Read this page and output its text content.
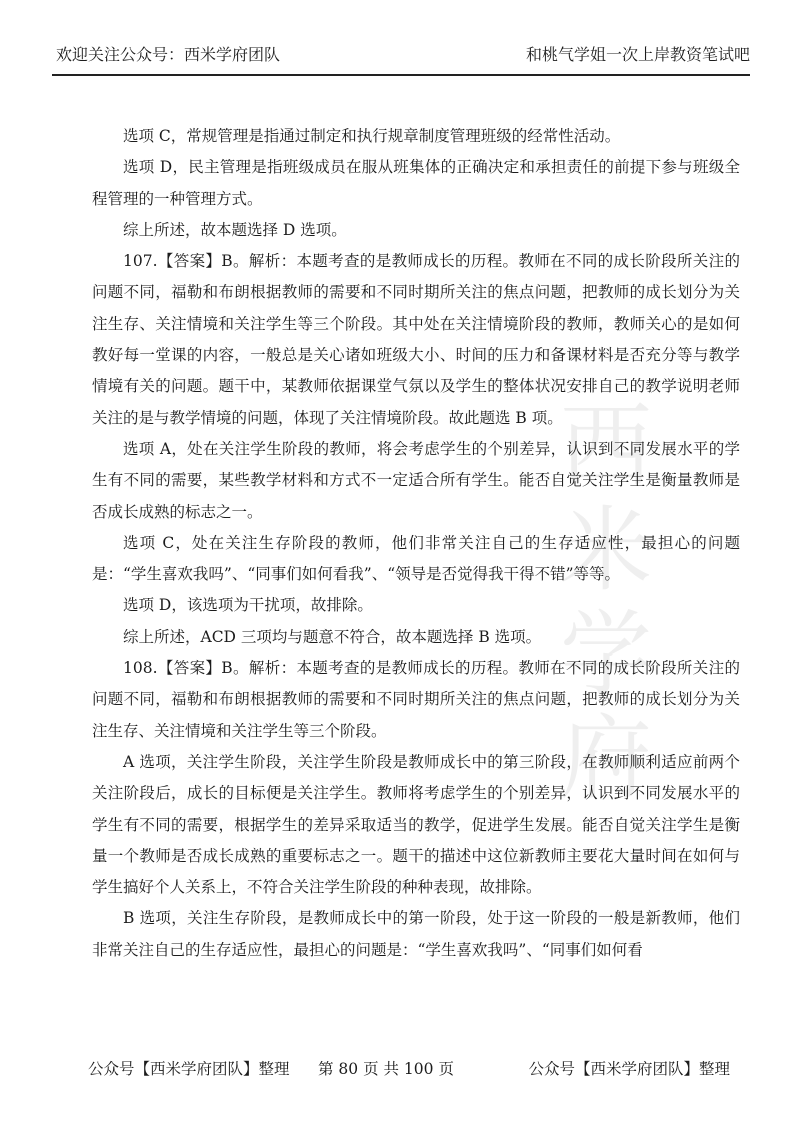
欢迎关注公众号：西米学府团队	和桃气学姐一次上岸教资笔试吧
西米学府

选项 C，常规管理是指通过制定和执行规章制度管理班级的经常性活动。

选项 D，民主管理是指班级成员在服从班集体的正确决定和承担责任的前提下参与班级全程管理的一种管理方式。

综上所述，故本题选择 D 选项。

107.【答案】B。解析：本题考查的是教师成长的历程。教师在不同的成长阶段所关注的问题不同，福勒和布朗根据教师的需要和不同时期所关注的焦点问题，把教师的成长划分为关注生存、关注情境和关注学生等三个阶段。其中处在关注情境阶段的教师，教师关心的是如何教好每一堂课的内容，一般总是关心诸如班级大小、时间的压力和备课材料是否充分等与教学情境有关的问题。题干中，某教师依据课堂气氛以及学生的整体状况安排自己的教学说明老师关注的是与教学情境的问题，体现了关注情境阶段。故此题选 B 项。

选项 A，处在关注学生阶段的教师，将会考虑学生的个别差异，认识到不同发展水平的学生有不同的需要，某些教学材料和方式不一定适合所有学生。能否自觉关注学生是衡量教师是否成长成熟的标志之一。

选项 C，处在关注生存阶段的教师，他们非常关注自己的生存适应性，最担心的问题是：“学生喜欢我吗”、“同事们如何看我”、“领导是否觉得我干得不错”等等。

选项 D，该选项为干扰项，故排除。

综上所述，ACD 三项均与题意不符合，故本题选择 B 选项。

108.【答案】B。解析：本题考查的是教师成长的历程。教师在不同的成长阶段所关注的问题不同，福勒和布朗根据教师的需要和不同时期所关注的焦点问题，把教师的成长划分为关注生存、关注情境和关注学生等三个阶段。

A 选项，关注学生阶段，关注学生阶段是教师成长中的第三阶段，在教师顺利适应前两个关注阶段后，成长的目标便是关注学生。教师将考虑学生的个别差异，认识到不同发展水平的学生有不同的需要，根据学生的差异采取适当的教学，促进学生发展。能否自觉关注学生是衡量一个教师是否成长成熟的重要标志之一。题干的描述中这位新教师主要花大量时间在如何与学生搞好个人关系上，不符合关注学生阶段的种种表现，故排除。

B 选项，关注生存阶段，是教师成长中的第一阶段，处于这一阶段的一般是新教师，他们非常关注自己的生存适应性，最担心的问题是：“学生喜欢我吗”、“同事们如何看

公众号【西米学府团队】整理 第 80 页 共 100 页	公众号【西米学府团队】整理
